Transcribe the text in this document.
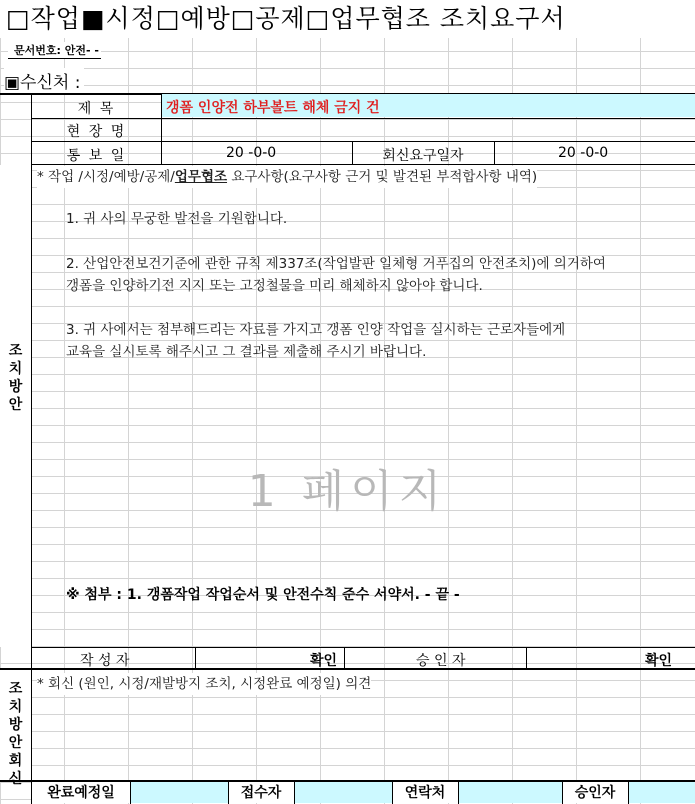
□작업■시정□예방□공제□업무협조 조치요구서
문서번호: 안전- -
▣수신처 :
제 목	갱폼 인양전 하부볼트 해체 금지 건
현 장 명
통 보 일	20 -0-0	회신요구일자	20 -0-0
조치방안
* 작업 /시정/예방/공제/업무협조 요구사항(요구사항 근거 및 발견된 부적합사항 내역)
1. 귀 사의 무궁한 발전을 기원합니다.
2. 산업안전보건기준에 관한 규칙 제337조(작업발판 일체형 거푸집의 안전조치)에 의거하여
갱폼을 인양하기전 지지 또는 고정철물을 미리 해체하지 않아야 합니다.
3. 귀 사에서는 첨부해드리는 자료를 가지고 갱폼 인양 작업을 실시하는 근로자들에게
교육을 실시토록 해주시고 그 결과를 제출해 주시기 바랍니다.
1 페이지
※ 첨부 : 1. 갱폼작업 작업순서 및 안전수칙 준수 서약서. - 끝 -
작 성 자	확인	승 인 자	확인
조치방안회신
* 회신 (원인, 시정/재발방지 조치, 시정완료 예정일) 의견
완료예정일	접수자	연락처	승인자
